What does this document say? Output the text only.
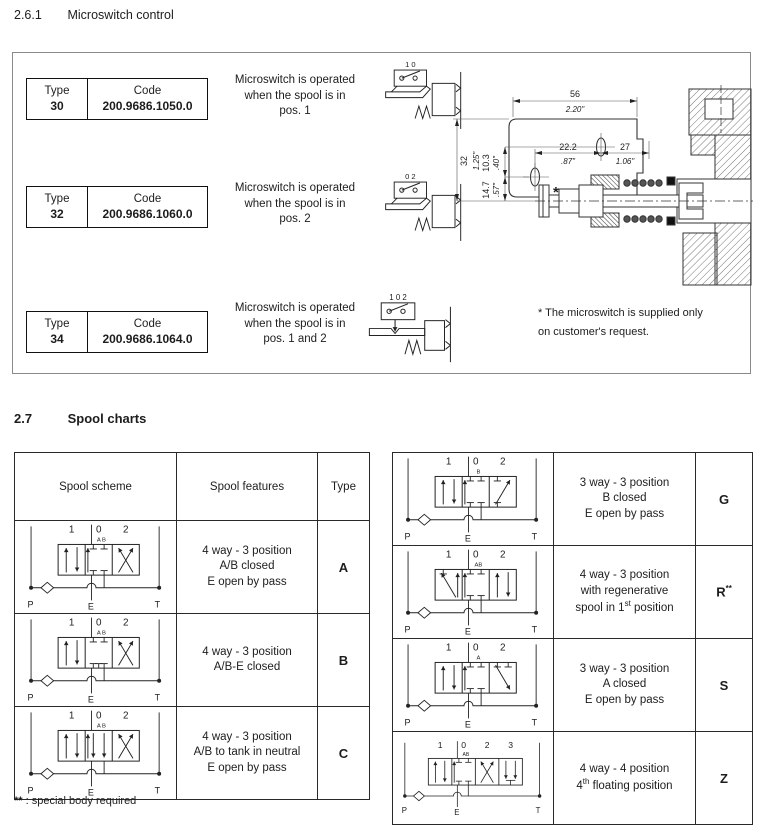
2.6.1 Microswitch control
Type
30
Code
200.9686.1050.0
Microswitch is operated
when the spool is in
pos. 1
1 0
Type
32
Code
200.9686.1060.0
Microswitch is operated
when the spool is in
pos. 2
0 2
Type
34
Code
200.9686.1064.0
Microswitch is operated
when the spool is in
pos. 1 and 2
1 0 2
56
2.20"
22.2
.87"
27
1.06"
32 1.25" 10.3 .40"
14.7 .57"	*
* The microswitch is supplied only
on customer's request.
2.7	Spool charts
Spool scheme	Spool features	Type

1 0 2
A B
P	E	T

4 way - 3 position
A/B closed
E open by pass
	A

1 0 2
A B
P	E	T

4 way - 3 position
A/B-E closed	B

1 0 2
A B
P	E	T

4 way - 3 position
A/B to tank in neutral
E open by pass
	C
1 0 2
B
P	E	T

3 way - 3 position
B closed
E open by pass
	G

1 0 2
AB
P	E	T

4 way - 3 position
with regenerative
spool in 1st position
	R**

1 0 2
A
P	E	T

3 way - 3 position
A closed
E open by pass
	S

1 0 2 3
AB
P	E	T

4 way - 4 position
4th floating position
	Z
** : special body required
